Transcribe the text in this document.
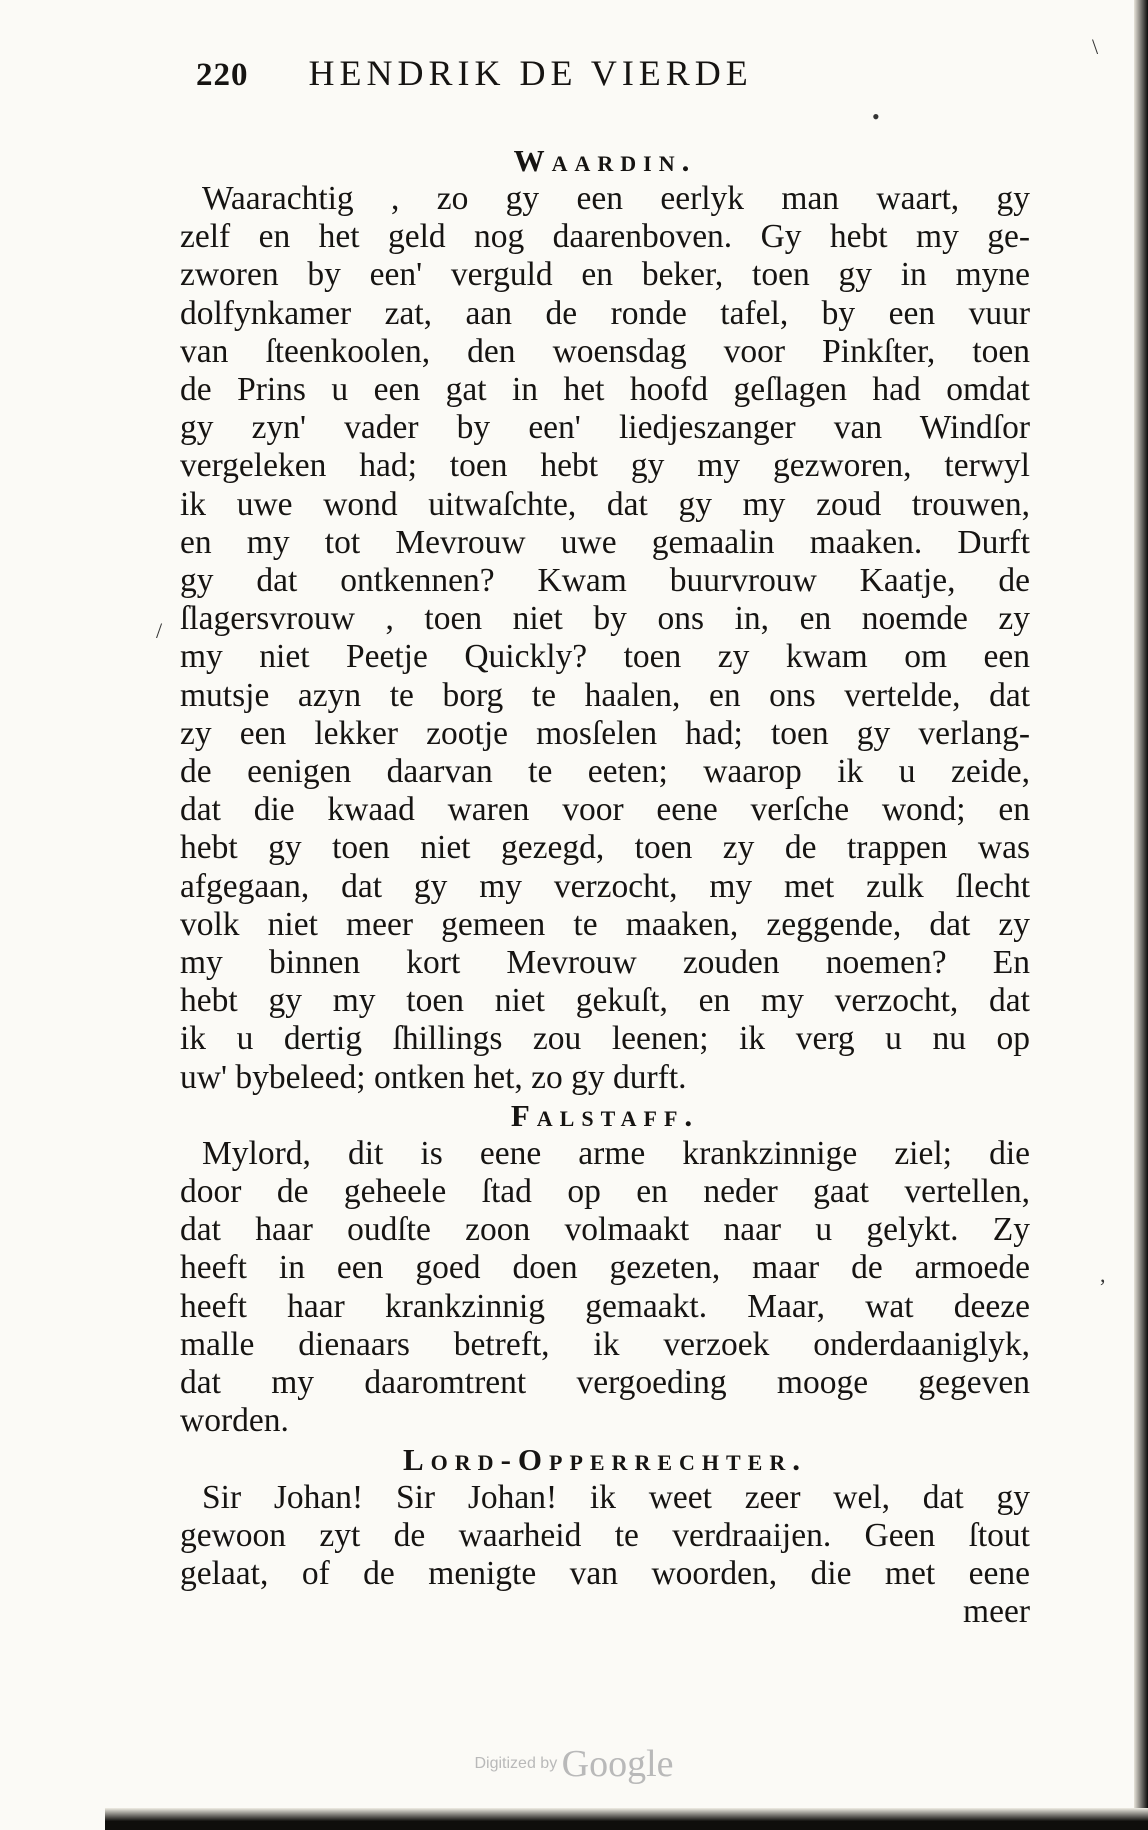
220 HENDRIK DE VIERDE
Waardin.
Waarachtig , zo gy een eerlyk man waart, gy
zelf en het geld nog daarenboven. Gy hebt my ge-
zworen by een' verguld en beker, toen gy in myne
dolfynkamer zat, aan de ronde tafel, by een vuur
van ſteenkoolen, den woensdag voor Pinkſter, toen
de Prins u een gat in het hoofd geſlagen had omdat
gy zyn' vader by een' liedjeszanger van Windſor
vergeleken had; toen hebt gy my gezworen, terwyl
ik uwe wond uitwaſchte, dat gy my zoud trouwen,
en my tot Mevrouw uwe gemaalin maaken. Durft
gy dat ontkennen? Kwam buurvrouw Kaatje, de
ſlagersvrouw , toen niet by ons in, en noemde zy
my niet Peetje Quickly? toen zy kwam om een
mutsje azyn te borg te haalen, en ons vertelde, dat
zy een lekker zootje mosſelen had; toen gy verlang-
de eenigen daarvan te eeten; waarop ik u zeide,
dat die kwaad waren voor eene verſche wond; en
hebt gy toen niet gezegd, toen zy de trappen was
afgegaan, dat gy my verzocht, my met zulk ſlecht
volk niet meer gemeen te maaken, zeggende, dat zy
my binnen kort Mevrouw zouden noemen? En
hebt gy my toen niet gekuſt, en my verzocht, dat
ik u dertig ſhillings zou leenen; ik verg u nu op
uw' bybeleed; ontken het, zo gy durft.
Falstaff.
Mylord, dit is eene arme krankzinnige ziel; die
door de geheele ſtad op en neder gaat vertellen,
dat haar oudſte zoon volmaakt naar u gelykt. Zy
heeft in een goed doen gezeten, maar de armoede
heeft haar krankzinnig gemaakt. Maar, wat deeze
malle dienaars betreft, ik verzoek onderdaaniglyk,
dat my daaromtrent vergoeding mooge gegeven
worden.
Lord-Opperrechter.
Sir Johan! Sir Johan! ik weet zeer wel, dat gy
gewoon zyt de waarheid te verdraaijen. Geen ſtout
gelaat, of de menigte van woorden, die met eene
meer
\
•
/
,
Digitized by Google
